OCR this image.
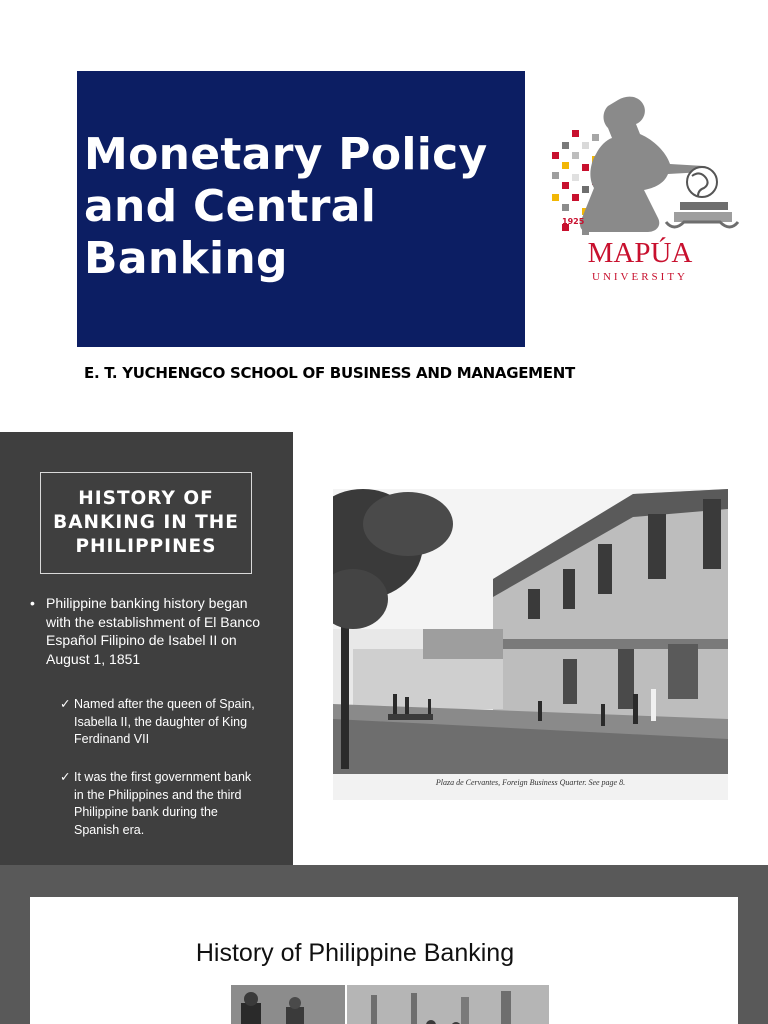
Monetary Policy and Central Banking
1925
MAPÚA
UNIVERSITY
E. T. YUCHENGCO SCHOOL OF BUSINESS AND MANAGEMENT
HISTORY OF BANKING IN THE PHILIPPINES
• Philippine banking history began with the establishment of El Banco Español Filipino de Isabel II on August 1, 1851
✓ Named after the queen of Spain, Isabella II, the daughter of King Ferdinand VII
✓ It was the first government bank in the Philippines and the third Philippine bank during the Spanish era.
Plaza de Cervantes, Foreign Business Quarter. See page 8.
History of Philippine Banking
